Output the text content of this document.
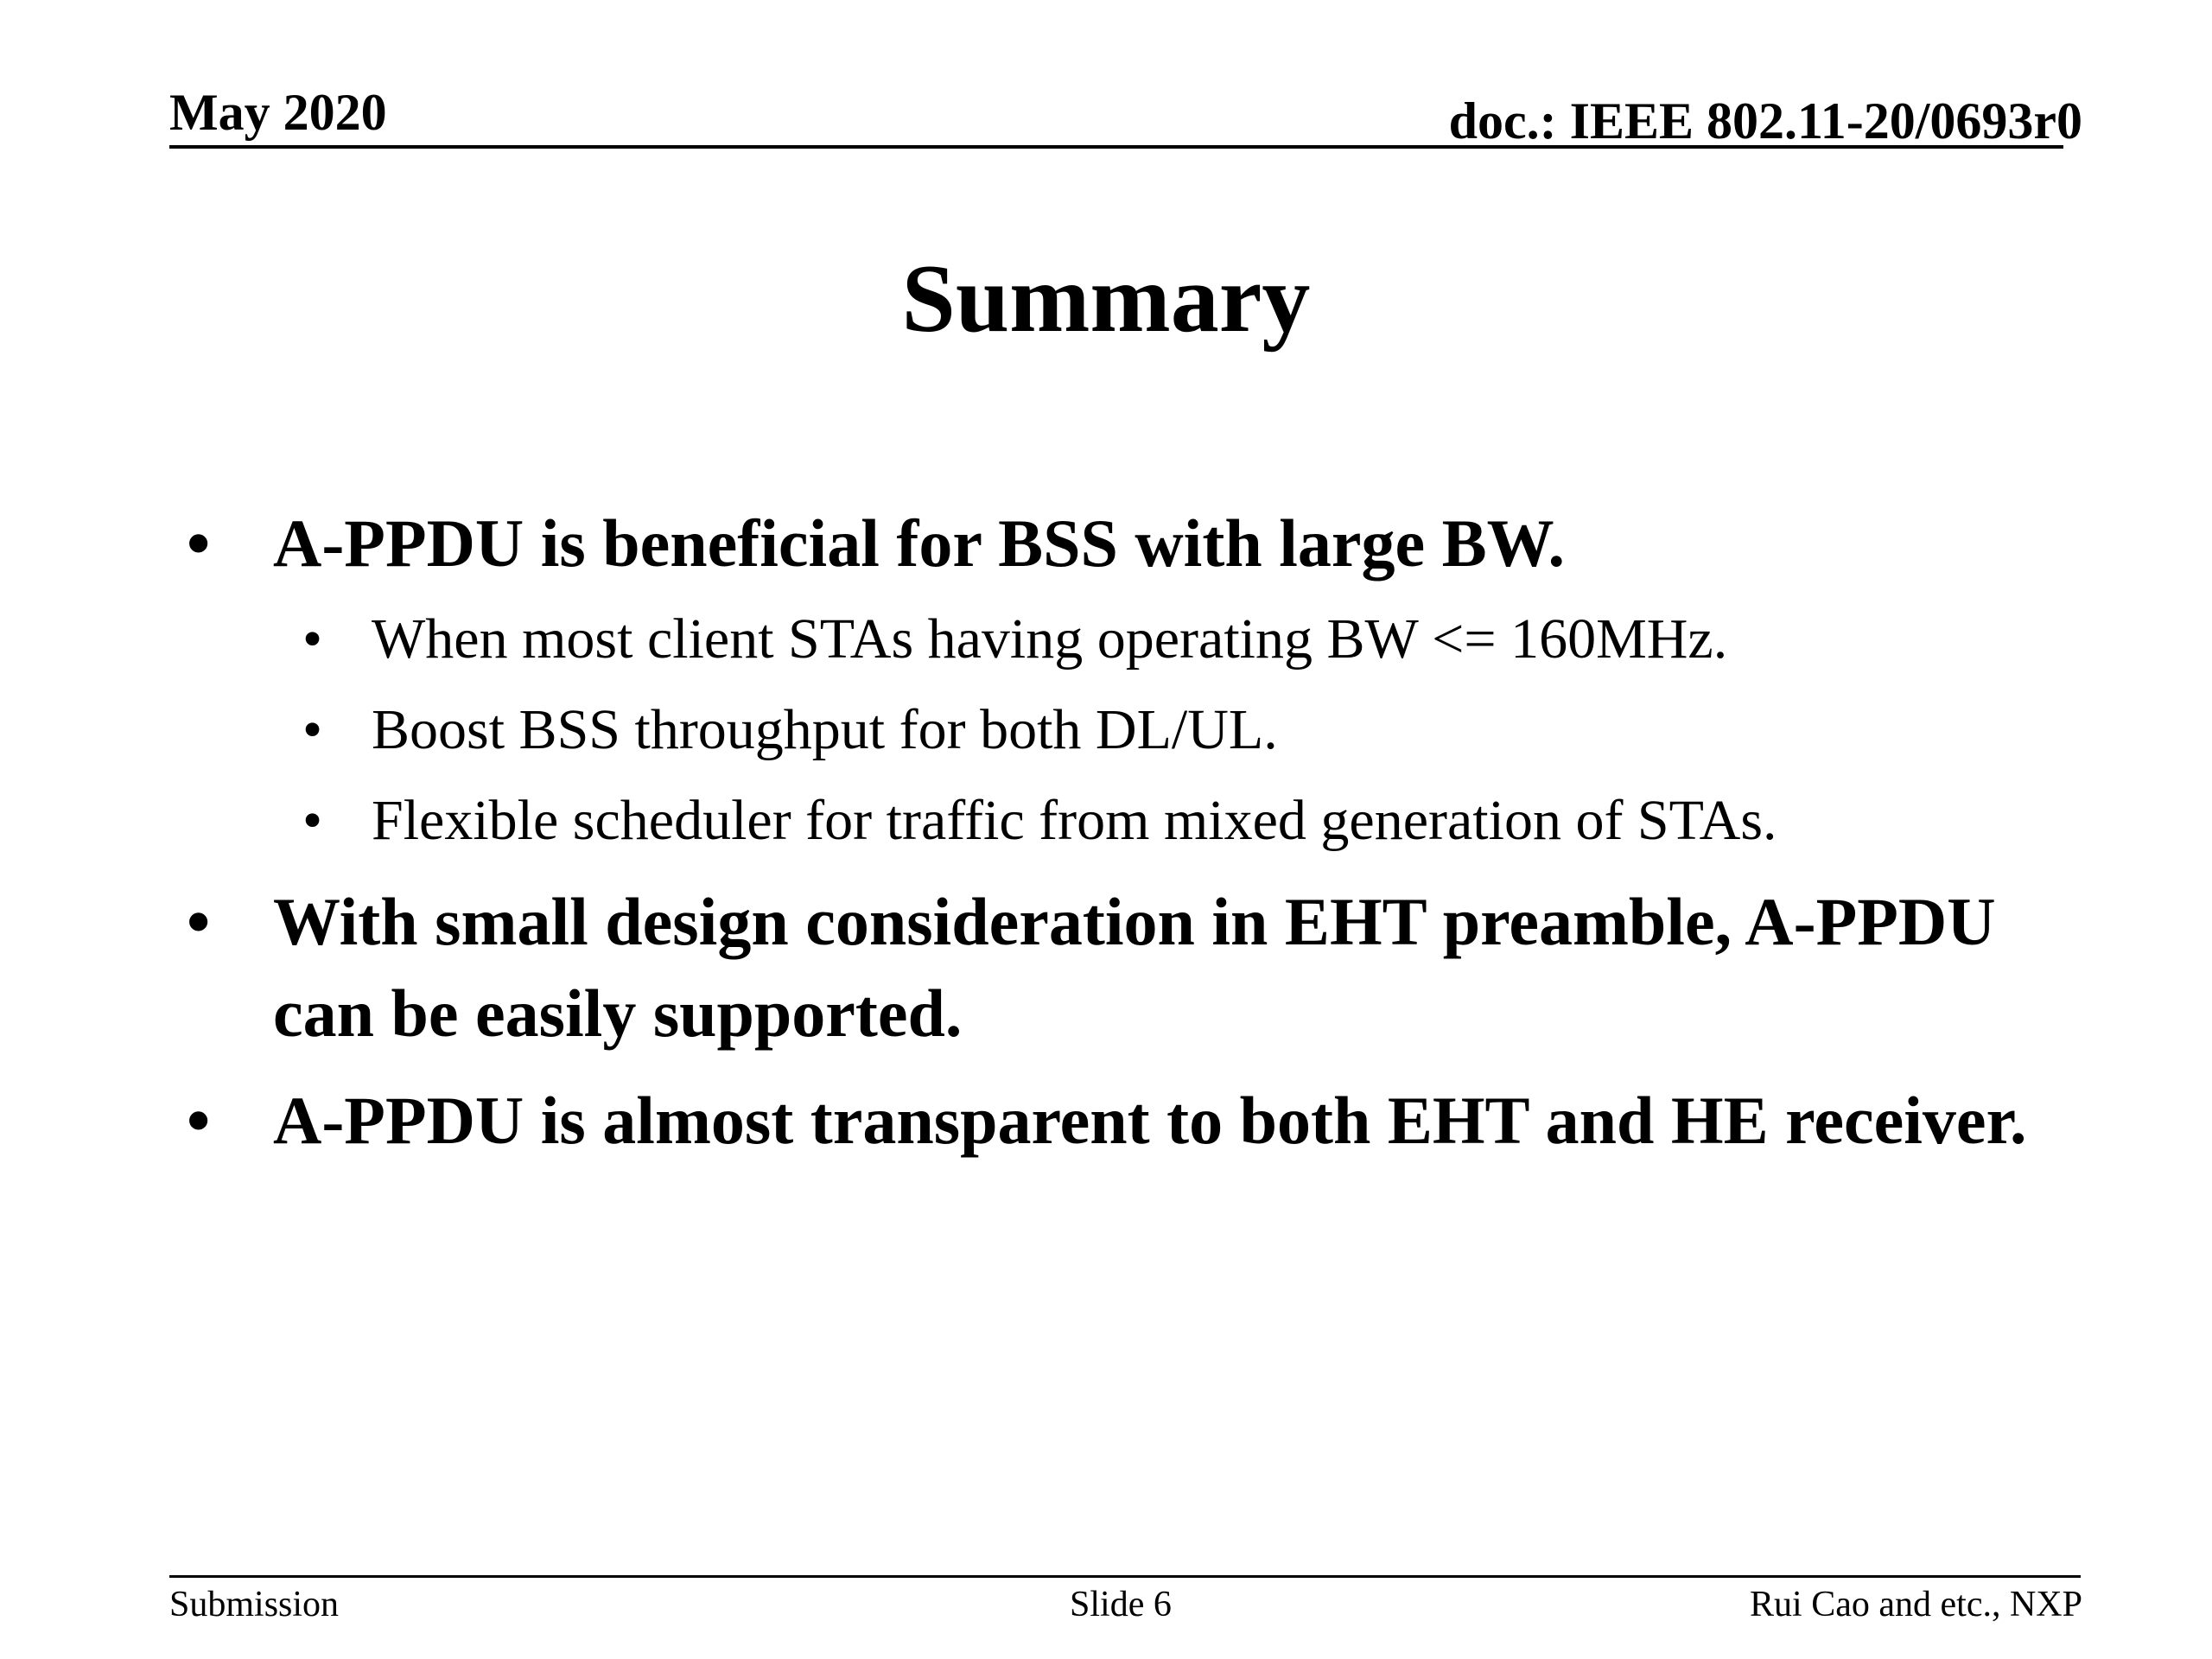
May 2020	doc.: IEEE 802.11-20/0693r0
Summary
• A-PPDU is beneficial for BSS with large BW.
• When most client STAs having operating BW <= 160MHz.
• Boost BSS throughput for both DL/UL.
• Flexible scheduler for traffic from mixed generation of STAs.
• With small design consideration in EHT preamble, A-PPDU can be easily supported.
• A-PPDU is almost transparent to both EHT and HE receiver.
Submission	Slide 6	Rui Cao and etc., NXP
